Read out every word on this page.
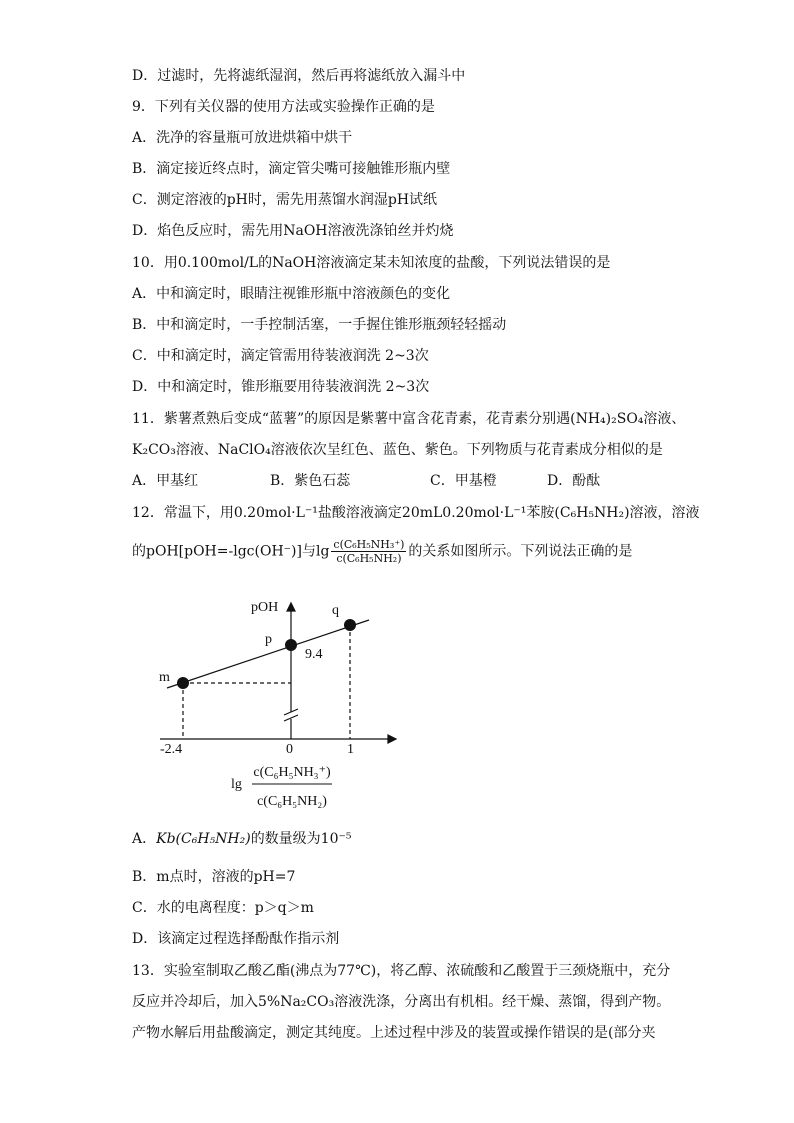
D．过滤时，先将滤纸湿润，然后再将滤纸放入漏斗中
9．下列有关仪器的使用方法或实验操作正确的是
A．洗净的容量瓶可放进烘箱中烘干
B．滴定接近终点时，滴定管尖嘴可接触锥形瓶内壁
C．测定溶液的pH时，需先用蒸馏水润湿pH试纸
D．焰色反应时，需先用NaOH溶液洗涤铂丝并灼烧
10．用0.100mol/L的NaOH溶液滴定某未知浓度的盐酸，下列说法错误的是
A．中和滴定时，眼睛注视锥形瓶中溶液颜色的变化
B．中和滴定时，一手控制活塞，一手握住锥形瓶颈轻轻摇动
C．中和滴定时，滴定管需用待装液润洗 2~3次
D．中和滴定时，锥形瓶要用待装液润洗 2~3次
11．紫薯煮熟后变成“蓝薯”的原因是紫薯中富含花青素，花青素分别遇(NH₄)₂SO₄溶液、
K₂CO₃溶液、NaClO₄溶液依次呈红色、蓝色、紫色。下列物质与花青素成分相似的是
A．甲基红	B．紫色石蕊	C．甲基橙	D．酚酞
12．常温下，用0.20mol·L⁻¹盐酸溶液滴定20mL0.20mol·L⁻¹苯胺(C₆H₅NH₂)溶液，溶液
的pOH[pOH=-lgc(OH⁻)]与$\lg \frac{\text{c(C₆H₅NH₃⁺)}}{\text{c(C₆H₅NH₂)}}$ 的关系如图所示。下列说法正确的是
pOH
m
p
q
9.4
-2.4	0	1
lg
c(C₆H₅NH₃⁺)
c(C₆H₅NH₂)
A．Kb(C₆H₅NH₂)的数量级为10⁻⁵
B．m点时，溶液的pH=7
C．水的电离程度：p＞q＞m
D．该滴定过程选择酚酞作指示剂
13．实验室制取乙酸乙酯(沸点为77℃)，将乙醇、浓硫酸和乙酸置于三颈烧瓶中，充分
反应并冷却后，加入5%Na₂CO₃溶液洗涤，分离出有机相。经干燥、蒸馏，得到产物。
产物水解后用盐酸滴定，测定其纯度。上述过程中涉及的装置或操作错误的是(部分夹
